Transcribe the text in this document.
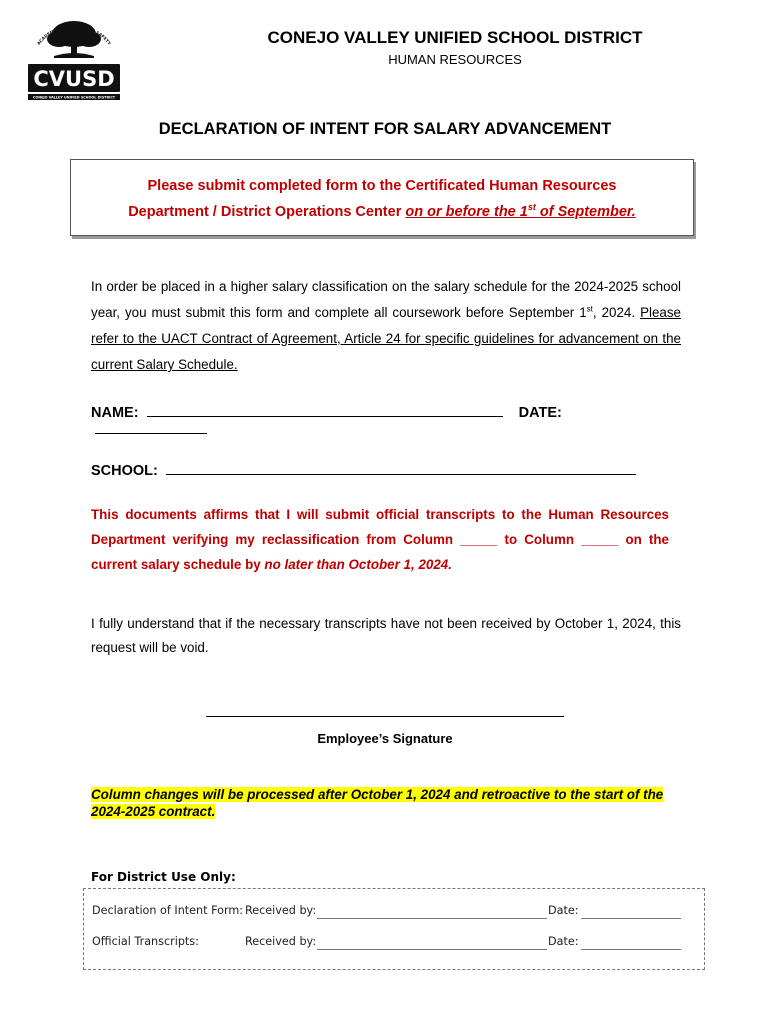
ACADEMICS · ACTIVITIES · SAFETY
CVUSD
CONEJO VALLEY UNIFIED SCHOOL DISTRICT
CONEJO VALLEY UNIFIED SCHOOL DISTRICT
HUMAN RESOURCES
DECLARATION OF INTENT FOR SALARY ADVANCEMENT
Please submit completed form to the Certificated Human Resources
Department / District Operations Center on or before the 1st of September.
In order be placed in a higher salary classification on the salary schedule for the 2024-2025 school year, you must submit this form and complete all coursework before September 1st, 2024. Please refer to the UACT Contract of Agreement, Article 24 for specific guidelines for advancement on the current Salary Schedule.
NAME:	DATE:
SCHOOL:
This documents affirms that I will submit official transcripts to the Human Resources Department verifying my reclassification from Column _____ to Column _____ on the current salary schedule by no later than October 1, 2024.
I fully understand that if the necessary transcripts have not been received by October 1, 2024, this request will be void.
Employee’s Signature
Column changes will be processed after October 1, 2024 and retroactive to the start of the 2024-2025 contract.
For District Use Only:
Declaration of Intent Form: Received by:	Date:
Official Transcripts:	Received by:	Date:
